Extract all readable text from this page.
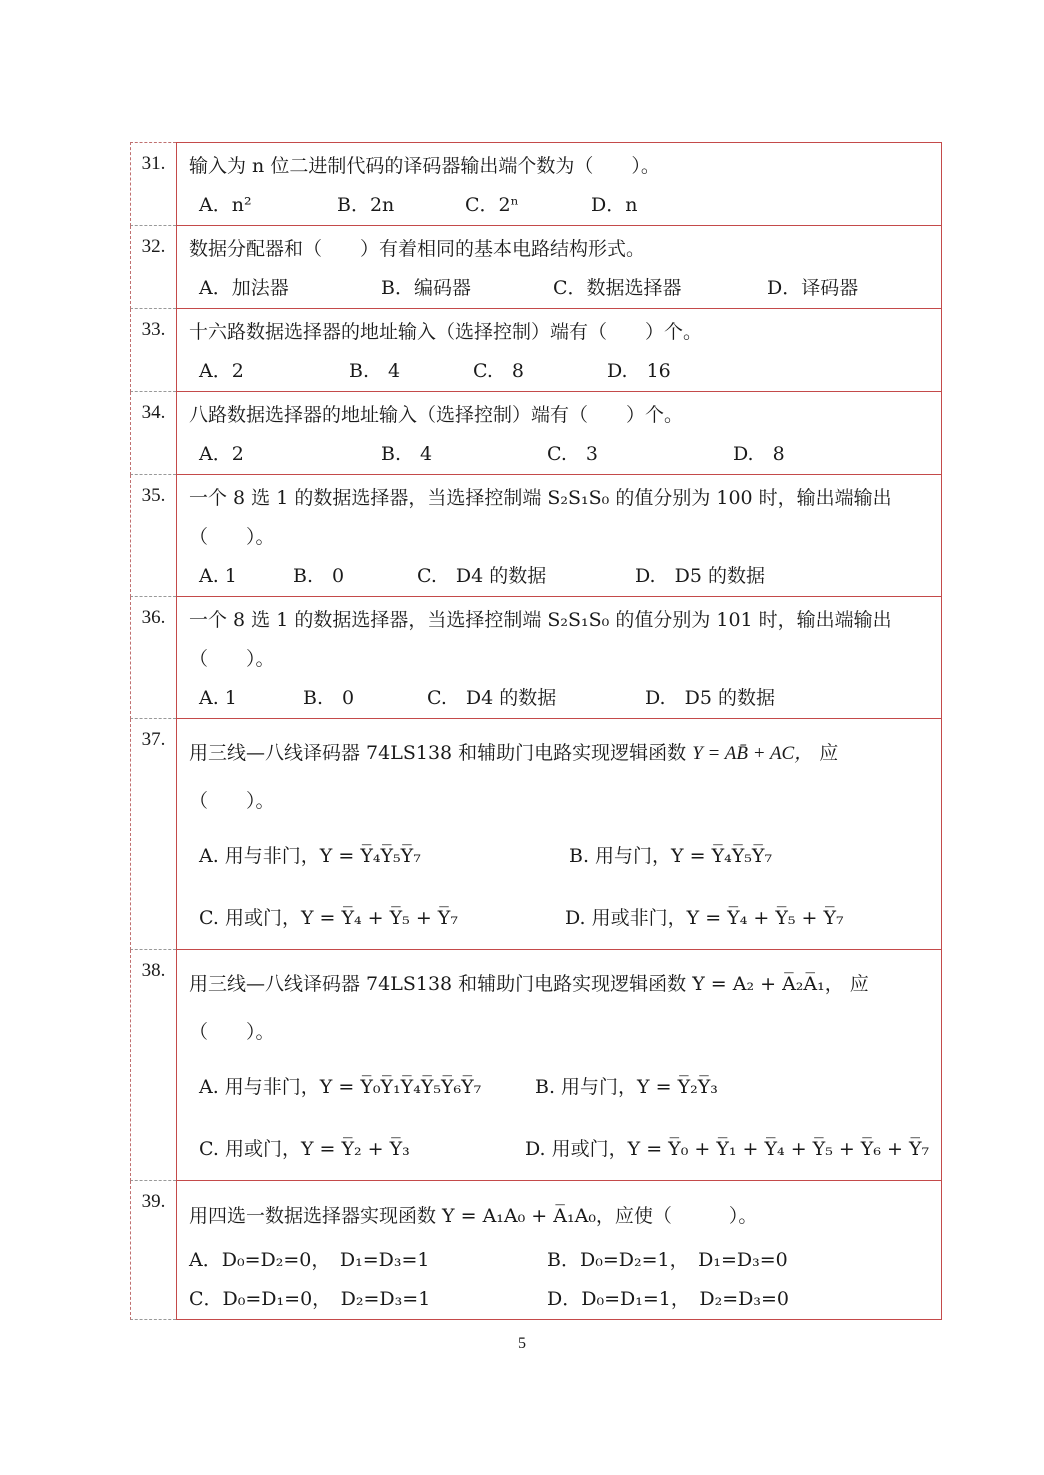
31.	输入为 n 位二进制代码的译码器输出端个数为（　　）。
A．n²	B．2n	C．2ⁿ	D．n
32.	数据分配器和（　　）有着相同的基本电路结构形式。
A．加法器	B．编码器	C．数据选择器	D．译码器
33.	十六路数据选择器的地址输入（选择控制）端有（　　）个。
A．2	B.　4	C.　8	D.　16
34.	八路数据选择器的地址输入（选择控制）端有（　　）个。
A．2	B.　4	C.　3	D.　8
35.	一个 8 选 1 的数据选择器，当选择控制端 S₂S₁S₀ 的值分别为 100 时，输出端输出
（　　）。
A. 1	B.　0	C.　D4 的数据	D.　D5 的数据
36.	一个 8 选 1 的数据选择器，当选择控制端 S₂S₁S₀ 的值分别为 101 时，输出端输出
（　　）。
A. 1	B.　0	C.　D4 的数据	D.　D5 的数据
37.
用三线—八线译码器 74LS138 和辅助门电路实现逻辑函数 Y = AB̄ + AC， 应
（　　）。
A. 用与非门，Y = Y̅₄Y̅₅Y̅₇	B. 用与门，Y = Y̅₄Y̅₅Y̅₇
C. 用或门，Y = Y̅₄ + Y̅₅ + Y̅₇	D. 用或非门，Y = Y̅₄ + Y̅₅ + Y̅₇
38.
用三线—八线译码器 74LS138 和辅助门电路实现逻辑函数 Y = A₂ + A̅₂A̅₁， 应
（　　）。
A. 用与非门，Y = Y̅₀Y̅₁Y̅₄Y̅₅Y̅₆Y̅₇	B. 用与门，Y = Y̅₂Y̅₃
C. 用或门，Y = Y̅₂ + Y̅₃	D. 用或门，Y = Y̅₀ + Y̅₁ + Y̅₄ + Y̅₅ + Y̅₆ + Y̅₇
39.
用四选一数据选择器实现函数 Y = A₁A₀ + A̅₁A₀，应使（　　　）。
A．D₀=D₂=0，　D₁=D₃=1	B．D₀=D₂=1，　D₁=D₃=0
C．D₀=D₁=0，　D₂=D₃=1	D．D₀=D₁=1，　D₂=D₃=0
5
